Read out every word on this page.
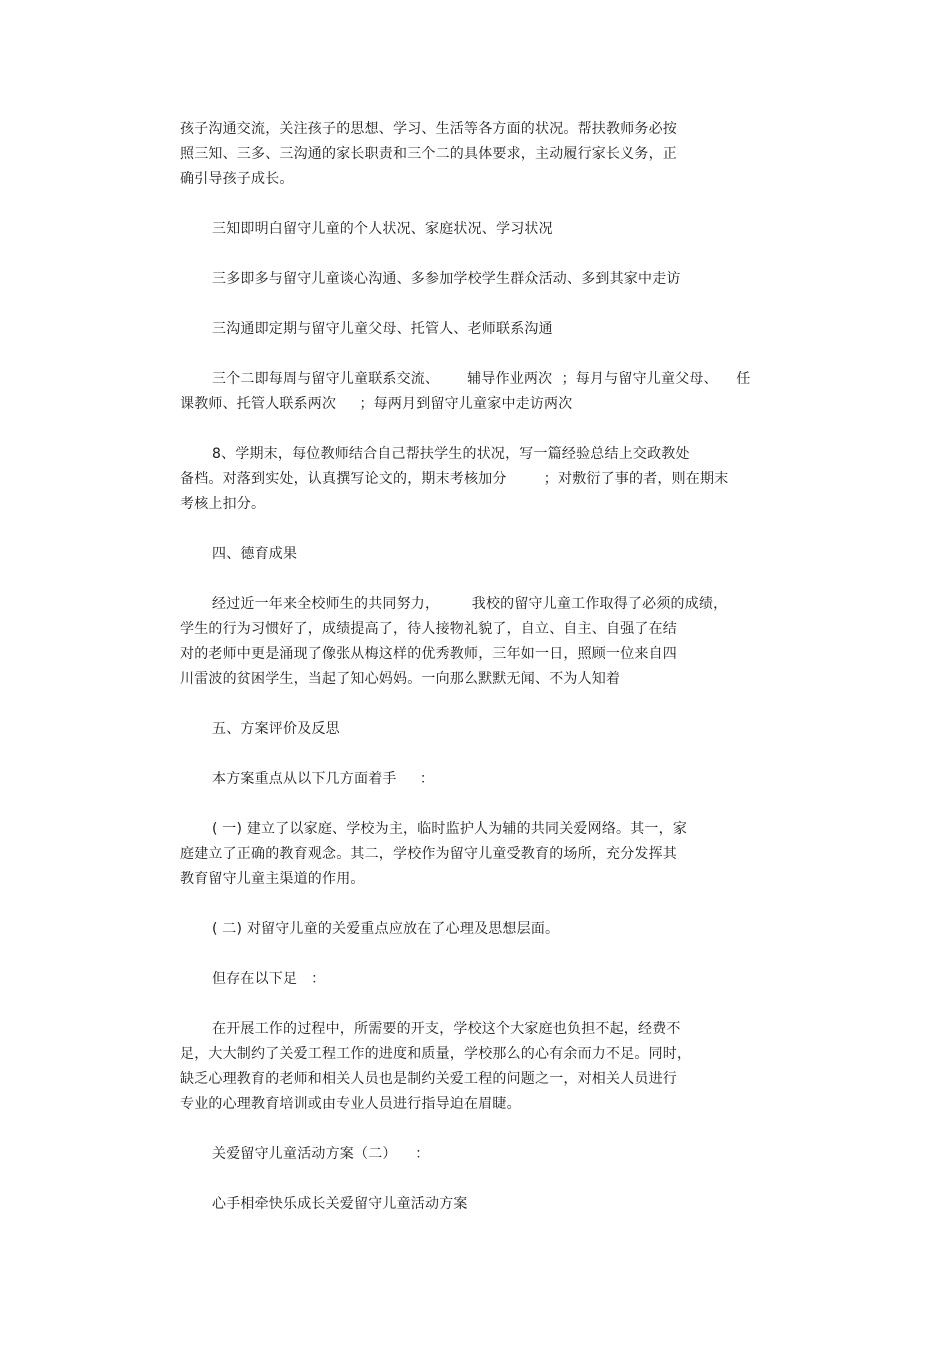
孩子沟通交流，关注孩子的思想、学习、生活等各方面的状况。帮扶教师务必按
照三知、三多、三沟通的家长职责和三个二的具体要求，主动履行家长义务，正
确引导孩子成长。
三知即明白留守儿童的个人状况、家庭状况、学习状况
三多即多与留守儿童谈心沟通、多参加学校学生群众活动、多到其家中走访
三沟通即定期与留守儿童父母、托管人、老师联系沟通
三个二即每周与留守儿童联系交流、      辅导作业两次  ；每月与留守儿童父母、    任
课教师、托管人联系两次     ；每两月到留守儿童家中走访两次
8、学期末，每位教师结合自己帮扶学生的状况，写一篇经验总结上交政教处
备档。对落到实处，认真撰写论文的，期末考核加分        ；对敷衍了事的者，则在期末
考核上扣分。
四、德育成果
经过近一年来全校师生的共同努力，       我校的留守儿童工作取得了必须的成绩，
学生的行为习惯好了，成绩提高了，待人接物礼貌了，自立、自主、自强了在结
对的老师中更是涌现了像张从梅这样的优秀教师，三年如一日，照顾一位来自四
川雷波的贫困学生，当起了知心妈妈。一向那么默默无闻、不为人知着
五、方案评价及反思
本方案重点从以下几方面着手     ：
( 一) 建立了以家庭、学校为主，临时监护人为辅的共同关爱网络。其一，家
庭建立了正确的教育观念。其二，学校作为留守儿童受教育的场所，充分发挥其
教育留守儿童主渠道的作用。
( 二) 对留守儿童的关爱重点应放在了心理及思想层面。
但存在以下足   ：
在开展工作的过程中，所需要的开支，学校这个大家庭也负担不起，经费不
足，大大制约了关爱工程工作的进度和质量，学校那么的心有余而力不足。同时，
缺乏心理教育的老师和相关人员也是制约关爱工程的问题之一，对相关人员进行
专业的心理教育培训或由专业人员进行指导迫在眉睫。
关爱留守儿童活动方案（二）    ：
心手相牵快乐成长关爱留守儿童活动方案
